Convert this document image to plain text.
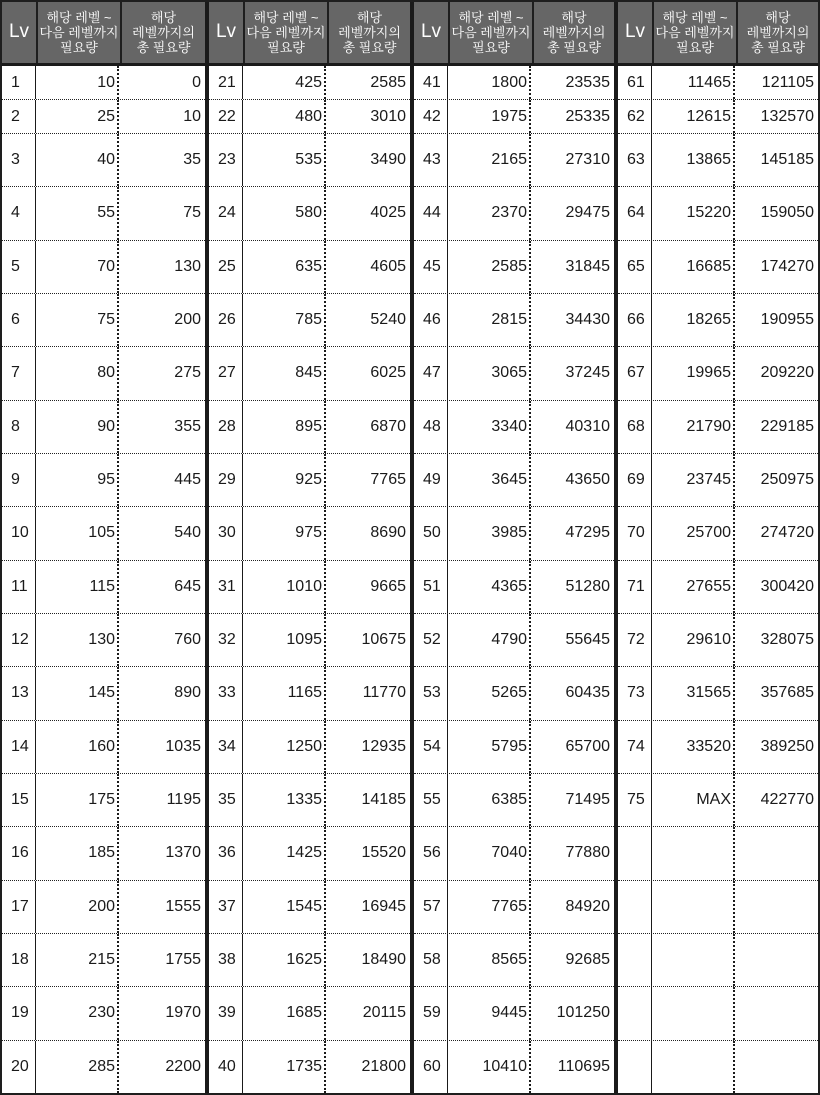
Lv
해당 레벨 ~
다음 레벨까지
필요량
해당
레벨까지의
총 필요량
1	10	0
2	25	10
3	40	35
4	55	75
5	70	130
6	75	200
7	80	275
8	90	355
9	95	445
10	105	540
11	115	645
12	130	760
13	145	890
14	160	1035
15	175	1195
16	185	1370
17	200	1555
18	215	1755
19	230	1970
20	285	2200
Lv
해당 레벨 ~
다음 레벨까지
필요량
해당
레벨까지의
총 필요량
21	425	2585
22	480	3010
23	535	3490
24	580	4025
25	635	4605
26	785	5240
27	845	6025
28	895	6870
29	925	7765
30	975	8690
31	1010	9665
32	1095	10675
33	1165	11770
34	1250	12935
35	1335	14185
36	1425	15520
37	1545	16945
38	1625	18490
39	1685	20115
40	1735	21800
Lv
해당 레벨 ~
다음 레벨까지
필요량
해당
레벨까지의
총 필요량
41	1800	23535
42	1975	25335
43	2165	27310
44	2370	29475
45	2585	31845
46	2815	34430
47	3065	37245
48	3340	40310
49	3645	43650
50	3985	47295
51	4365	51280
52	4790	55645
53	5265	60435
54	5795	65700
55	6385	71495
56	7040	77880
57	7765	84920
58	8565	92685
59	9445	101250
60	10410	110695
Lv
해당 레벨 ~
다음 레벨까지
필요량
해당
레벨까지의
총 필요량
61	11465	121105
62	12615	132570
63	13865	145185
64	15220	159050
65	16685	174270
66	18265	190955
67	19965	209220
68	21790	229185
69	23745	250975
70	25700	274720
71	27655	300420
72	29610	328075
73	31565	357685
74	33520	389250
75	MAX	422770
